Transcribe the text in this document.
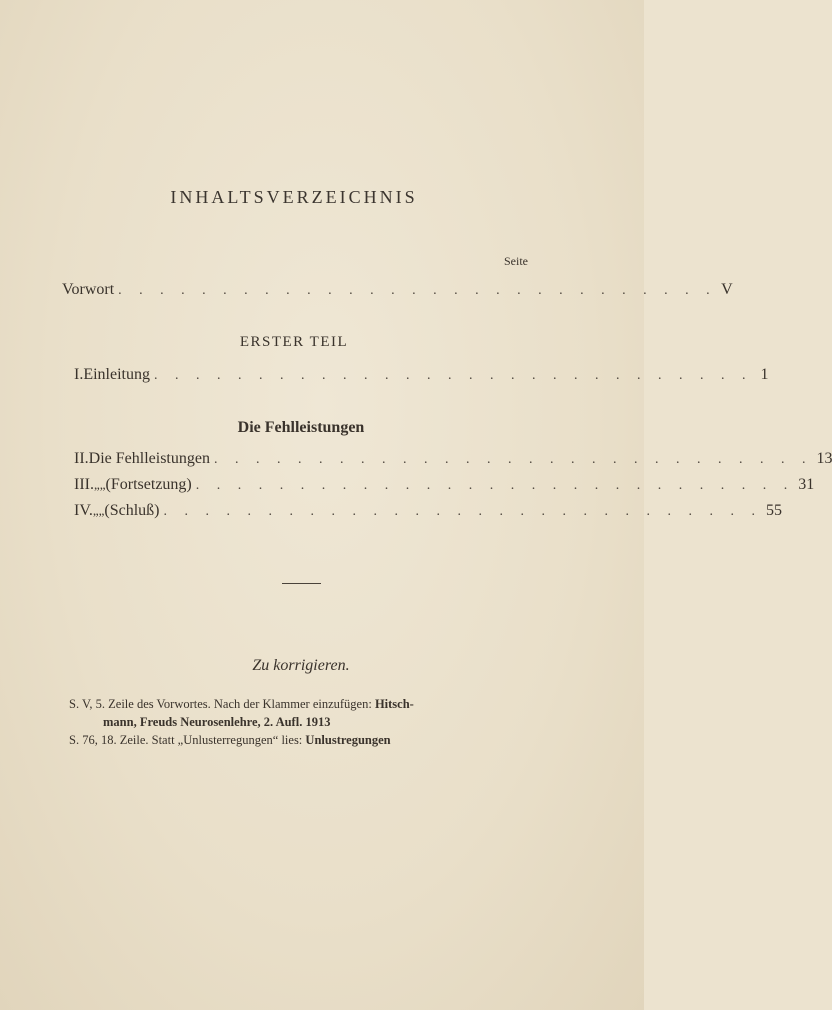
INHALTSVERZEICHNIS
Seite
Vorwort . . . . . . . . . . . . . . . . . . . . . . . . . . . . . V
ERSTER TEIL
I. Einleitung . . . . . . . . . . . . . . . . . . . . . . . . . . . . . 1
Die Fehlleistungen
II. Die Fehlleistungen . . . . . . . . . . . . . . . . . . . . . . . . . . . . . 13
III. „ „ (Fortsetzung) . . . . . . . . . . . . . . . . . . . . . . . . . . . . . 31
IV. „ „ (Schluß) . . . . . . . . . . . . . . . . . . . . . . . . . . . . . 55
Zu korrigieren.
S. V, 5. Zeile des Vorwortes. Nach der Klammer einzufügen: Hitsch-
mann, Freuds Neurosenlehre, 2. Aufl. 1913
S. 76, 18. Zeile. Statt „Unlusterregungen“ lies: Unlustregungen
